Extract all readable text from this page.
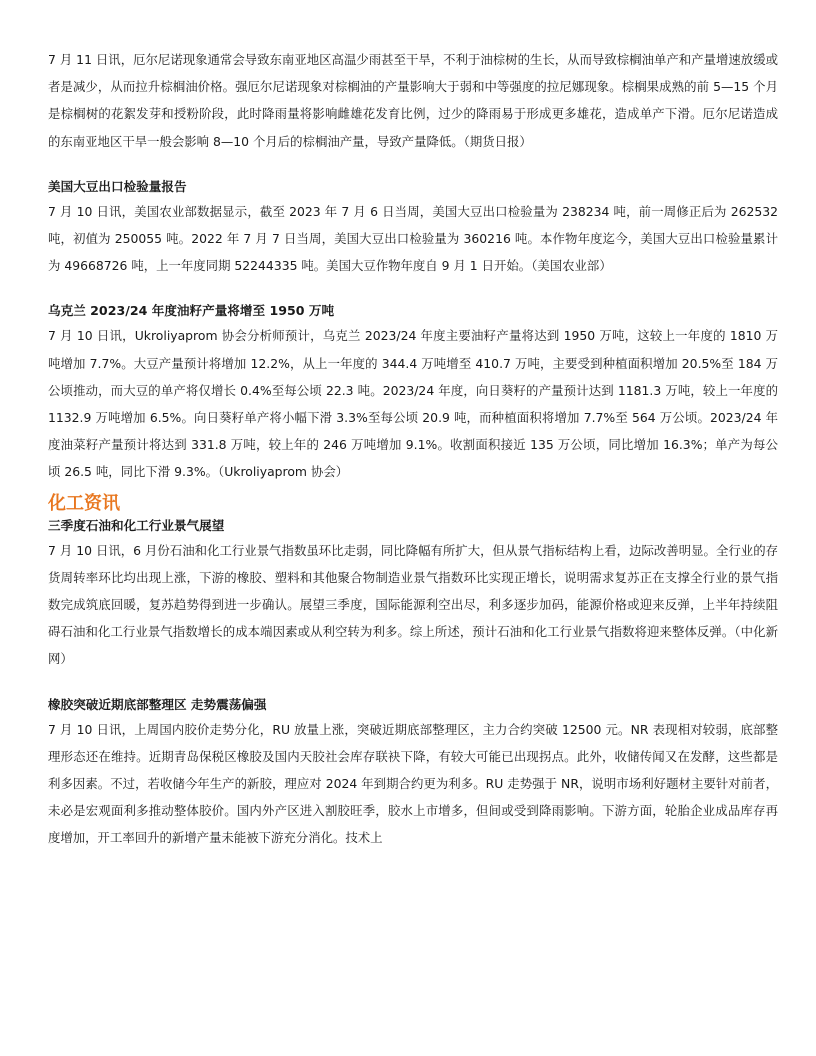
7 月 11 日讯，厄尔尼诺现象通常会导致东南亚地区高温少雨甚至干旱，不利于油棕树的生长，从而导致棕榈油单产和产量增速放缓或者是减少，从而拉升棕榈油价格。强厄尔尼诺现象对棕榈油的产量影响大于弱和中等强度的拉尼娜现象。棕榈果成熟的前 5—15 个月是棕榈树的花絮发芽和授粉阶段，此时降雨量将影响雌雄花发育比例，过少的降雨易于形成更多雄花，造成单产下滑。厄尔尼诺造成的东南亚地区干旱一般会影响 8—10 个月后的棕榈油产量，导致产量降低。（期货日报）

美国大豆出口检验量报告

7 月 10 日讯，美国农业部数据显示，截至 2023 年 7 月 6 日当周，美国大豆出口检验量为 238234 吨，前一周修正后为 262532 吨，初值为 250055 吨。2022 年 7 月 7 日当周，美国大豆出口检验量为 360216 吨。本作物年度迄今，美国大豆出口检验量累计为 49668726 吨，上一年度同期 52244335 吨。美国大豆作物年度自 9 月 1 日开始。（美国农业部）

乌克兰 2023/24 年度油籽产量将增至 1950 万吨

7 月 10 日讯，Ukroliyaprom 协会分析师预计，乌克兰 2023/24 年度主要油籽产量将达到 1950 万吨，这较上一年度的 1810 万吨增加 7.7%。大豆产量预计将增加 12.2%，从上一年度的 344.4 万吨增至 410.7 万吨，主要受到种植面积增加 20.5%至 184 万公顷推动，而大豆的单产将仅增长 0.4%至每公顷 22.3 吨。2023/24 年度，向日葵籽的产量预计达到 1181.3 万吨，较上一年度的 1132.9 万吨增加 6.5%。向日葵籽单产将小幅下滑 3.3%至每公顷 20.9 吨，而种植面积将增加 7.7%至 564 万公顷。2023/24 年度油菜籽产量预计将达到 331.8 万吨，较上年的 246 万吨增加 9.1%。收割面积接近 135 万公顷，同比增加 16.3%；单产为每公顷 26.5 吨，同比下滑 9.3%。（Ukroliyaprom 协会）

化工资讯
三季度石油和化工行业景气展望

7 月 10 日讯，6 月份石油和化工行业景气指数虽环比走弱，同比降幅有所扩大，但从景气指标结构上看，边际改善明显。全行业的存货周转率环比均出现上涨，下游的橡胶、塑料和其他聚合物制造业景气指数环比实现正增长，说明需求复苏正在支撑全行业的景气指数完成筑底回暖，复苏趋势得到进一步确认。展望三季度，国际能源利空出尽，利多逐步加码，能源价格或迎来反弹，上半年持续阻碍石油和化工行业景气指数增长的成本端因素或从利空转为利多。综上所述，预计石油和化工行业景气指数将迎来整体反弹。（中化新网）

橡胶突破近期底部整理区 走势震荡偏强

7 月 10 日讯，上周国内胶价走势分化，RU 放量上涨，突破近期底部整理区，主力合约突破 12500 元。NR 表现相对较弱，底部整理形态还在维持。近期青岛保税区橡胶及国内天胶社会库存联袂下降，有较大可能已出现拐点。此外，收储传闻又在发酵，这些都是利多因素。不过，若收储今年生产的新胶，理应对 2024 年到期合约更为利多。RU 走势强于 NR，说明市场利好题材主要针对前者，未必是宏观面利多推动整体胶价。国内外产区进入割胶旺季，胶水上市增多，但间或受到降雨影响。下游方面，轮胎企业成品库存再度增加，开工率回升的新增产量未能被下游充分消化。技术上
